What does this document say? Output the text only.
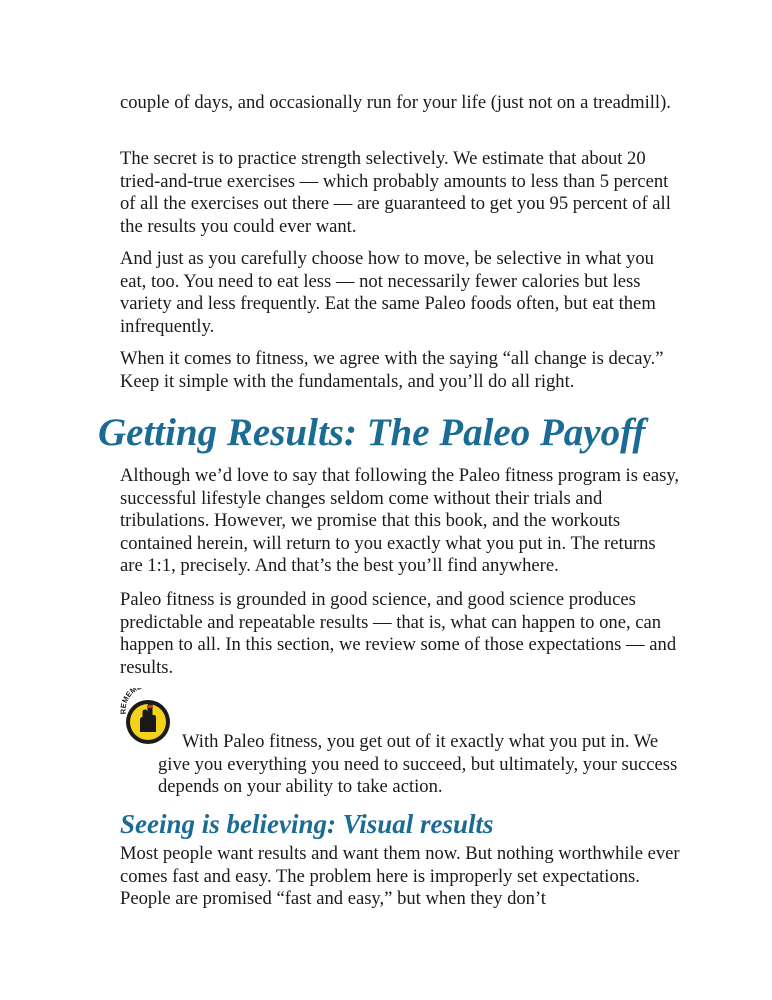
couple of days, and occasionally run for your life (just not on a treadmill).

The secret is to practice strength selectively. We estimate that about 20 tried-and-true exercises — which probably amounts to less than 5 percent of all the exercises out there — are guaranteed to get you 95 percent of all the results you could ever want.

And just as you carefully choose how to move, be selective in what you eat, too. You need to eat less — not necessarily fewer calories but less variety and less frequently. Eat the same Paleo foods often, but eat them infrequently.

When it comes to fitness, we agree with the saying “all change is decay.” Keep it simple with the fundamentals, and you’ll do all right.

Getting Results: The Paleo Payoff

Although we’d love to say that following the Paleo fitness program is easy, successful lifestyle changes seldom come without their trials and tribulations. However, we promise that this book, and the workouts contained herein, will return to you exactly what you put in. The returns are 1:1, precisely. And that’s the best you’ll find anywhere.

Paleo fitness is grounded in good science, and good science produces predictable and repeatable results — that is, what can happen to one, can happen to all. In this section, we review some of those expectations — and results.

REMEM

With Paleo fitness, you get out of it exactly what you put in. We give you everything you need to succeed, but ultimately, your success depends on your ability to take action.

Seeing is believing: Visual results

Most people want results and want them now. But nothing worthwhile ever comes fast and easy. The problem here is improperly set expectations. People are promised “fast and easy,” but when they don’t
